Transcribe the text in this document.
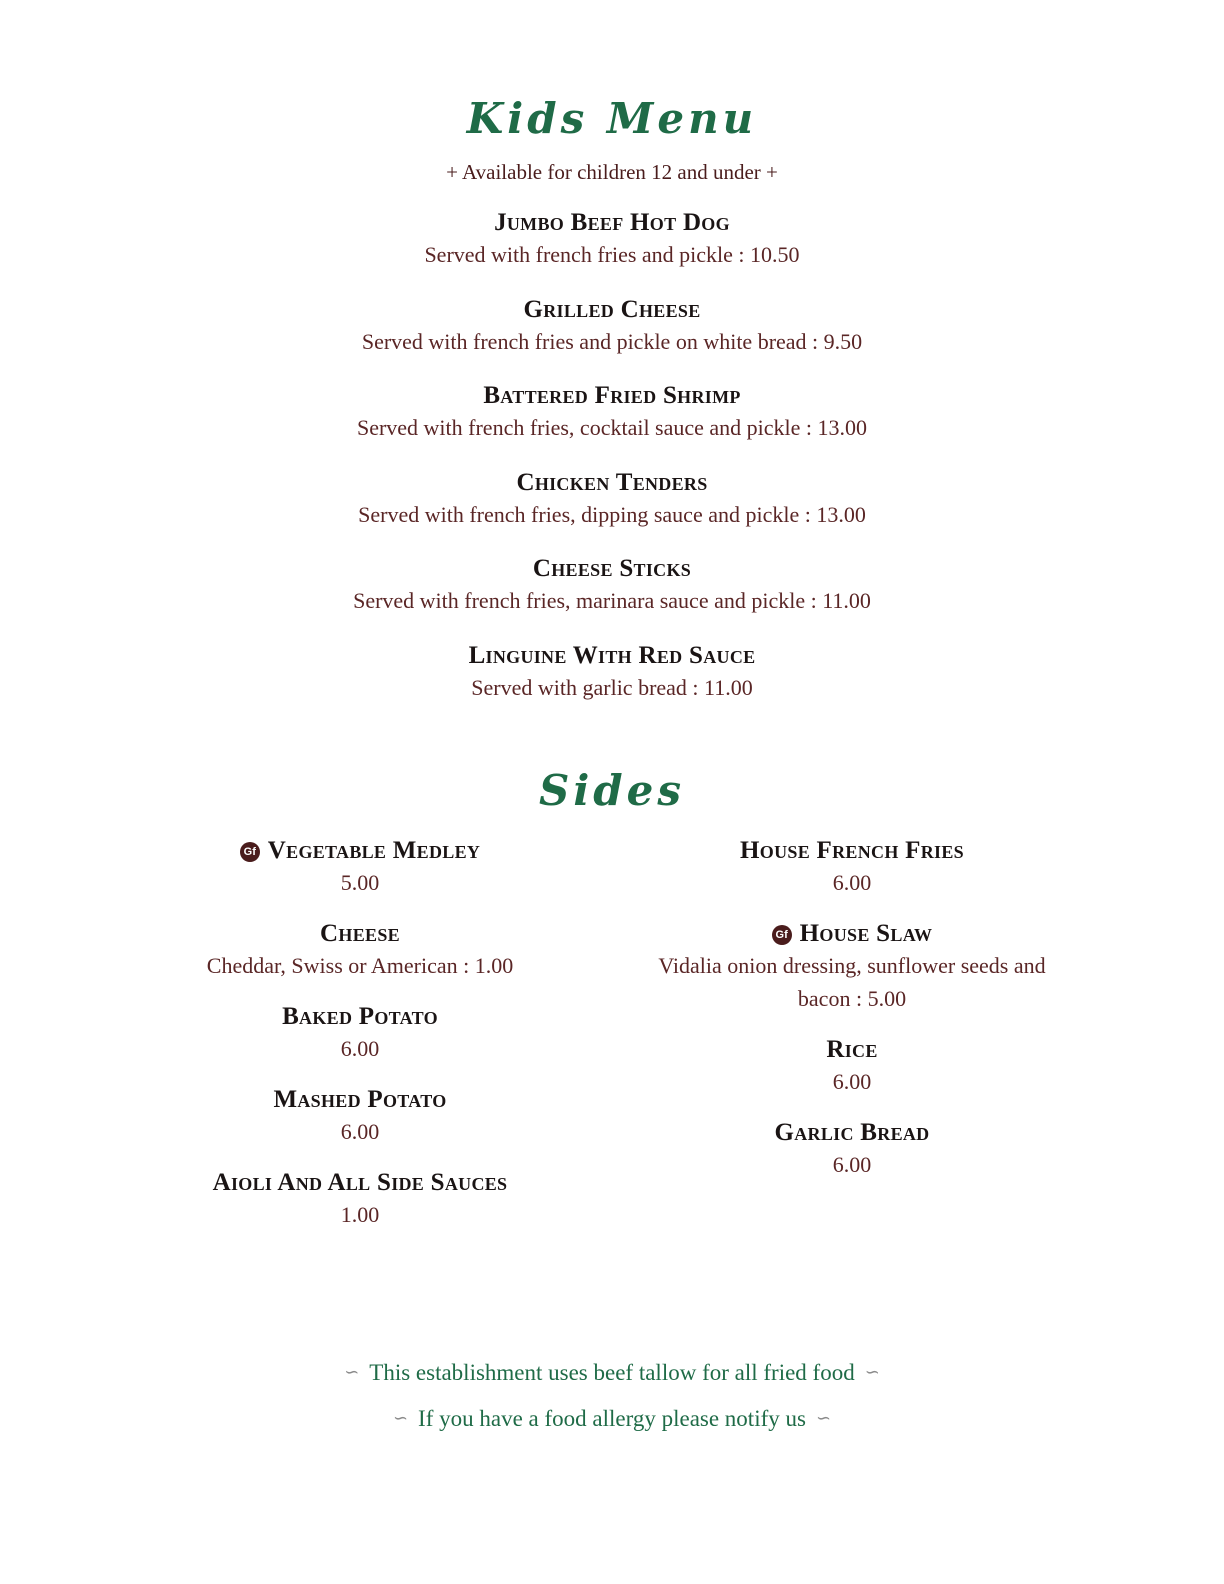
Kids Menu

+ Available for children 12 and under +

Jumbo Beef Hot Dog

Served with french fries and pickle : 10.50

Grilled Cheese

Served with french fries and pickle on white bread : 9.50

Battered Fried Shrimp

Served with french fries, cocktail sauce and pickle : 13.00

Chicken Tenders

Served with french fries, dipping sauce and pickle : 13.00

Cheese Sticks

Served with french fries, marinara sauce and pickle : 11.00

Linguine With Red Sauce

Served with garlic bread : 11.00

Sides

Gf Vegetable Medley

5.00

Cheese

Cheddar, Swiss or American : 1.00

Baked Potato

6.00

Mashed Potato

6.00

Aioli And All Side Sauces

1.00

House French Fries

6.00

Gf House Slaw

Vidalia onion dressing, sunflower seeds and bacon : 5.00

Rice

6.00

Garlic Bread

6.00

∽ This establishment uses beef tallow for all fried food ∽

∽ If you have a food allergy please notify us ∽
